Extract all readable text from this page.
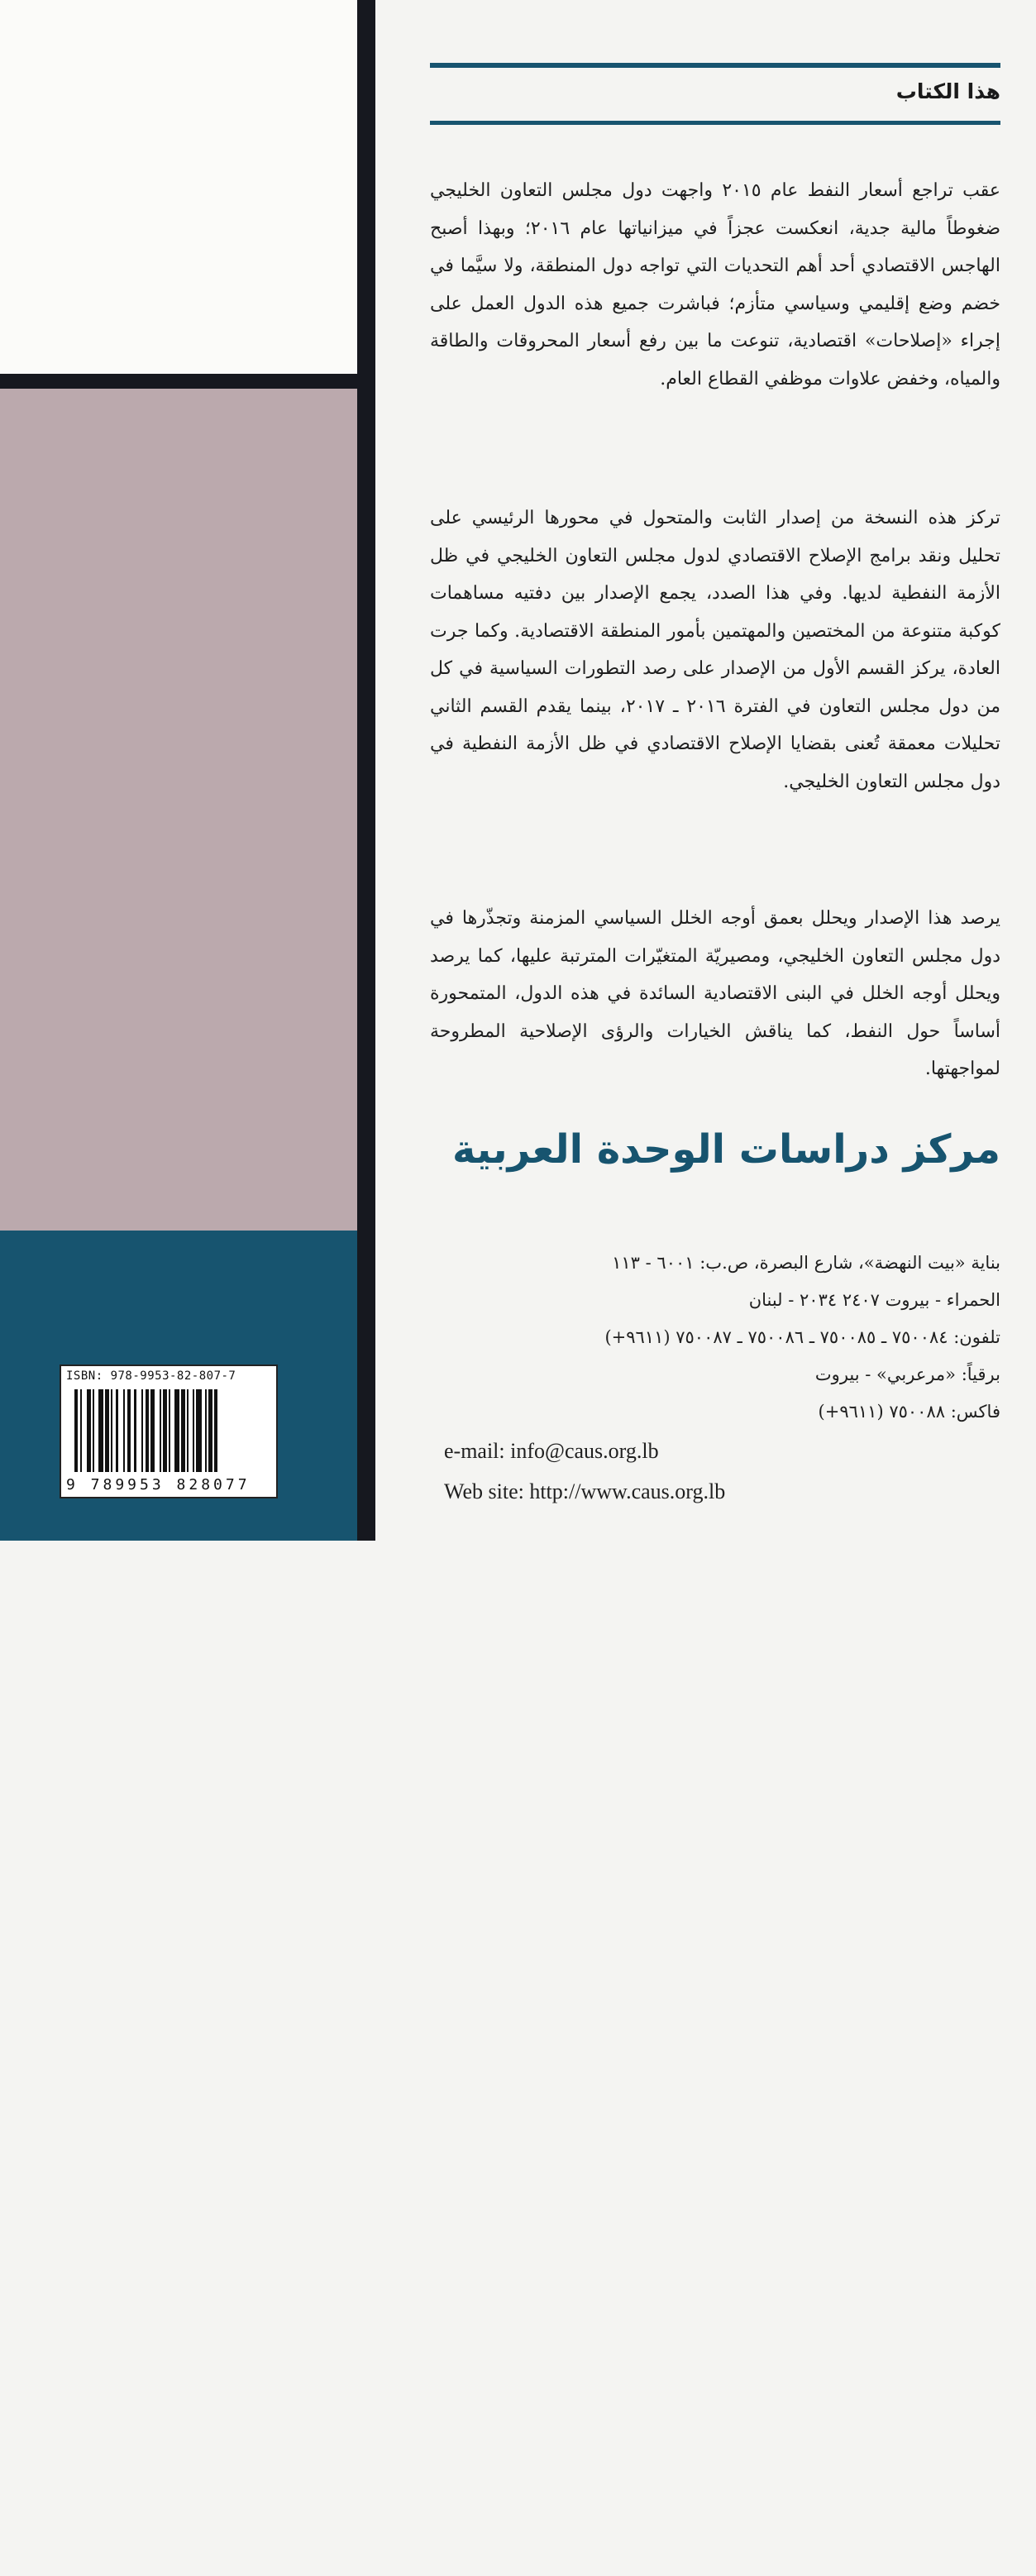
ISBN: 978-9953-82-807-7
9 789953 828077
هذا الكتاب

عقب تراجع أسعار النفط عام ٢٠١٥ واجهت دول مجلس التعاون الخليجي ضغوطاً مالية جدية، انعكست عجزاً في ميزانياتها عام ٢٠١٦؛ وبهذا أصبح الهاجس الاقتصادي أحد أهم التحديات التي تواجه دول المنطقة، ولا سيَّما في خضم وضع إقليمي وسياسي متأزم؛ فباشرت جميع هذه الدول العمل على إجراء «إصلاحات» اقتصادية، تنوعت ما بين رفع أسعار المحروقات والطاقة والمياه، وخفض علاوات موظفي القطاع العام.

تركز هذه النسخة من إصدار الثابت والمتحول في محورها الرئيسي على تحليل ونقد برامج الإصلاح الاقتصادي لدول مجلس التعاون الخليجي في ظل الأزمة النفطية لديها. وفي هذا الصدد، يجمع الإصدار بين دفتيه مساهمات كوكبة متنوعة من المختصين والمهتمين بأمور المنطقة الاقتصادية. وكما جرت العادة، يركز القسم الأول من الإصدار على رصد التطورات السياسية في كل من دول مجلس التعاون في الفترة ٢٠١٦ ـ ٢٠١٧، بينما يقدم القسم الثاني تحليلات معمقة تُعنى بقضايا الإصلاح الاقتصادي في ظل الأزمة النفطية في دول مجلس التعاون الخليجي.

يرصد هذا الإصدار ويحلل بعمق أوجه الخلل السياسي المزمنة وتجذّرها في دول مجلس التعاون الخليجي، ومصيريّة المتغيّرات المترتبة عليها، كما يرصد ويحلل أوجه الخلل في البنى الاقتصادية السائدة في هذه الدول، المتمحورة أساساً حول النفط، كما يناقش الخيارات والرؤى الإصلاحية المطروحة لمواجهتها.

مركز دراسات الوحدة العربية
بناية «بيت النهضة»، شارع البصرة، ص.ب: ٦٠٠١ - ١١٣
الحمراء - بيروت ٢٤٠٧ ٢٠٣٤ - لبنان
تلفون: ٧٥٠٠٨٤ ـ ٧٥٠٠٨٥ ـ ٧٥٠٠٨٦ ـ ٧٥٠٠٨٧ (٩٦١١+)
برقياً: «مرعربي» - بيروت
فاكس: ٧٥٠٠٨٨ (٩٦١١+)
e-mail: info@caus.org.lb
Web site: http://www.caus.org.lb
